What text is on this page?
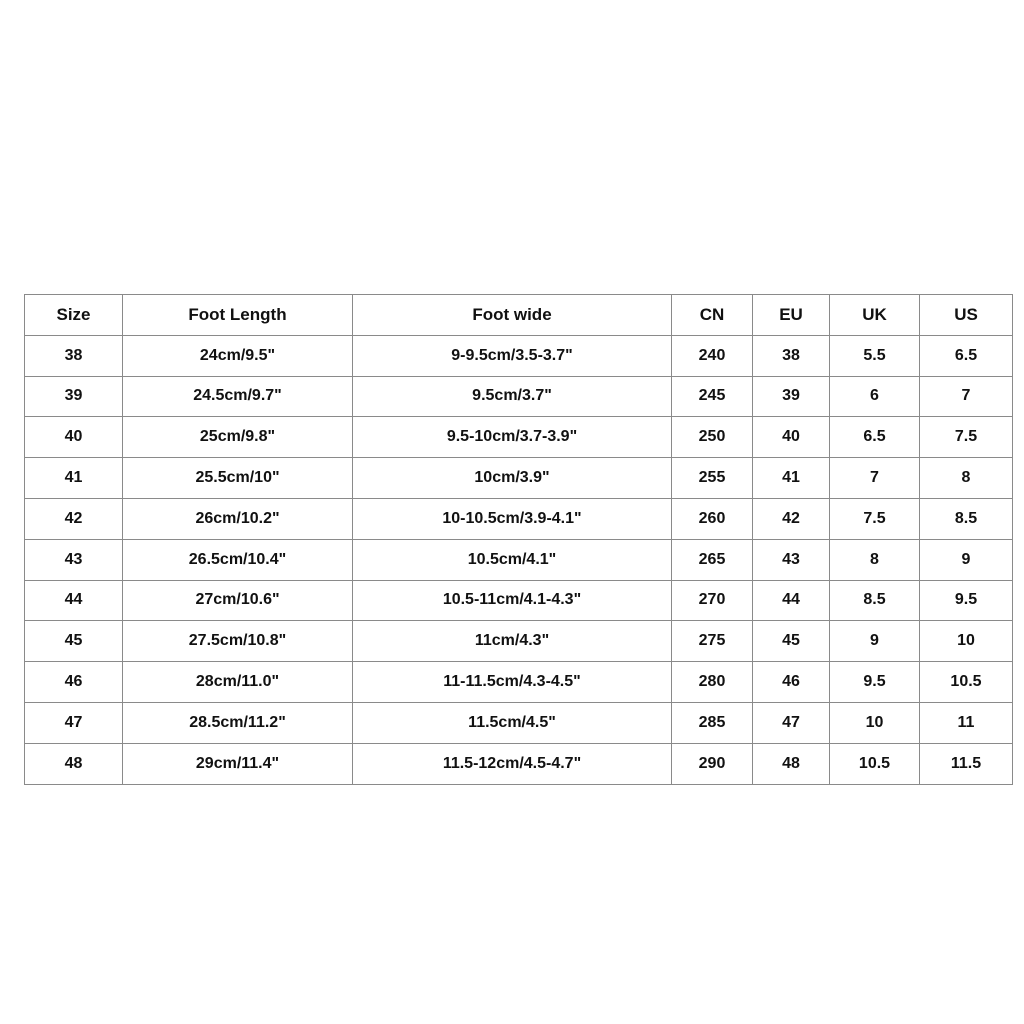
Size	Foot Length	Foot wide	CN	EU	UK	US
38	24cm/9.5"	9-9.5cm/3.5-3.7"	240	38	5.5	6.5
39	24.5cm/9.7"	9.5cm/3.7"	245	39	6	7
40	25cm/9.8"	9.5-10cm/3.7-3.9"	250	40	6.5	7.5
41	25.5cm/10"	10cm/3.9"	255	41	7	8
42	26cm/10.2"	10-10.5cm/3.9-4.1"	260	42	7.5	8.5
43	26.5cm/10.4"	10.5cm/4.1"	265	43	8	9
44	27cm/10.6"	10.5-11cm/4.1-4.3"	270	44	8.5	9.5
45	27.5cm/10.8"	11cm/4.3"	275	45	9	10
46	28cm/11.0"	11-11.5cm/4.3-4.5"	280	46	9.5	10.5
47	28.5cm/11.2"	11.5cm/4.5"	285	47	10	11
48	29cm/11.4"	11.5-12cm/4.5-4.7"	290	48	10.5	11.5
